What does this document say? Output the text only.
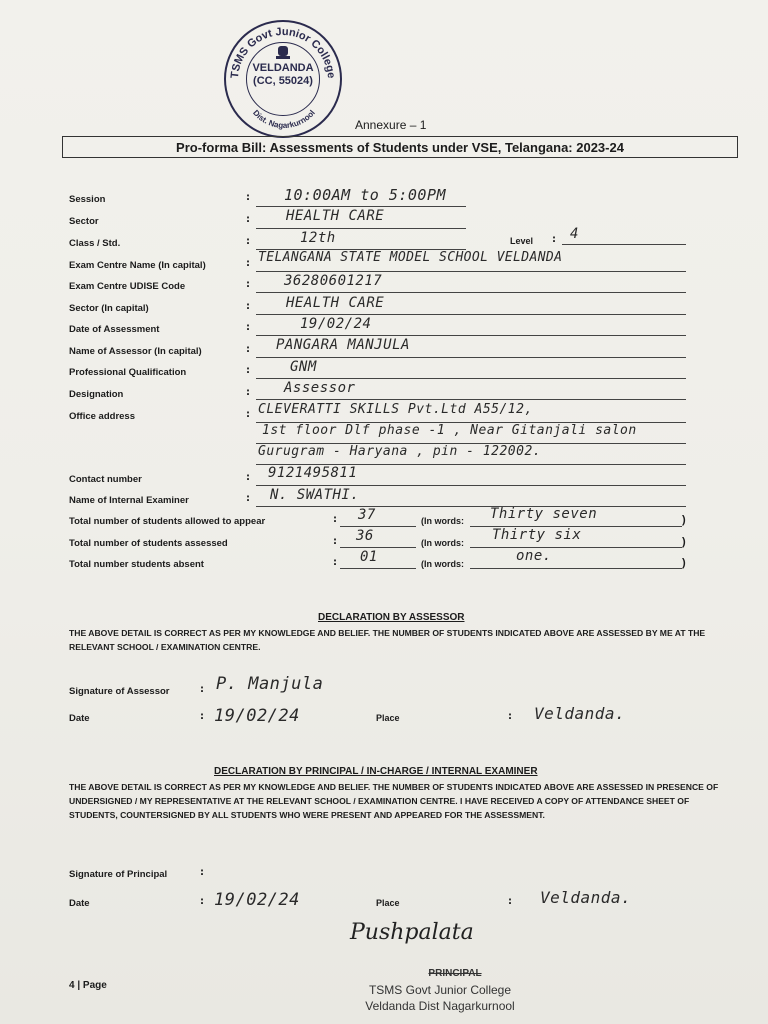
TSMS Govt Junior College
Dist. Nagarkurnool
VELDANDA
(CC, 55024)
Annexure – 1
Pro-forma Bill: Assessments of Students under VSE, Telangana: 2023-24
Session	: 10:00AM to 5:00PM
Sector	:	HEALTH CARE
Class / Std.	:	12th	Level : 4
Exam Centre Name (In capital)	: TELANGANA STATE MODEL SCHOOL VELDANDA
Exam Centre UDISE Code	: 36280601217
Sector (In capital)	:	HEALTH CARE
Date of Assessment	:	19/02/24
Name of Assessor (In capital)	: PANGARA MANJULA
Professional Qualification	:	GNM
Designation	: Assessor
Office address	: CLEVERATTI SKILLS Pvt.Ltd A55/12,
1st floor Dlf phase -1 , Near Gitanjali salon
Gurugram - Haryana , pin - 122002.
Contact number	: 9121495811
Name of Internal Examiner	: N. SWATHI.
Total number of students allowed to appear	: 37	(In words: Thirty seven	)
Total number of students assessed	: 36	(In words: Thirty six	)
Total number students absent	: 01	(In words:	one.	)
DECLARATION BY ASSESSOR
THE ABOVE DETAIL IS CORRECT AS PER MY KNOWLEDGE AND BELIEF. THE NUMBER OF STUDENTS INDICATED ABOVE ARE ASSESSED BY ME AT THE RELEVANT SCHOOL / EXAMINATION CENTRE.
Signature of Assessor	: P. Manjula
Date	: 19/02/24	Place	: Veldanda.
DECLARATION BY PRINCIPAL / IN-CHARGE / INTERNAL EXAMINER
THE ABOVE DETAIL IS CORRECT AS PER MY KNOWLEDGE AND BELIEF. THE NUMBER OF STUDENTS INDICATED ABOVE ARE ASSESSED IN PRESENCE OF UNDERSIGNED / MY REPRESENTATIVE AT THE RELEVANT SCHOOL / EXAMINATION CENTRE. I HAVE RECEIVED A COPY OF ATTENDANCE SHEET OF STUDENTS, COUNTERSIGNED BY ALL STUDENTS WHO WERE PRESENT AND APPEARED FOR THE ASSESSMENT.
Signature of Principal	:
Date	: 19/02/24	Place	: Veldanda.
Pushpalata
PRINCIPAL
TSMS Govt Junior College
Veldanda Dist Nagarkurnool
4 | Page
